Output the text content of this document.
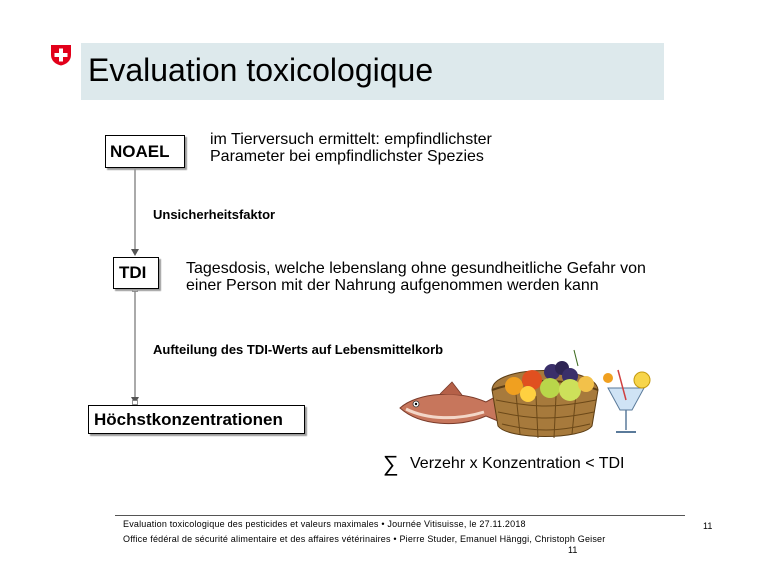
Evaluation toxicologique
NOAEL
im Tierversuch ermittelt: empfindlichster
Parameter bei empfindlichster Spezies
Unsicherheitsfaktor
TDI	Tagesdosis, welche lebenslang ohne gesundheitliche Gefahr von
einer Person mit der Nahrung aufgenommen werden kann
Aufteilung des TDI-Werts auf Lebensmittelkorb
Höchstkonzentrationen
∑ Verzehr x Konzentration < TDI
Evaluation toxicologique des pesticides et valeurs maximales • Journée Vitisuisse, le 27.11.2018
Office fédéral de sécurité alimentaire et des affaires vétérinaires • Pierre Studer, Emanuel Hänggi, Christoph Geiser
11
11
